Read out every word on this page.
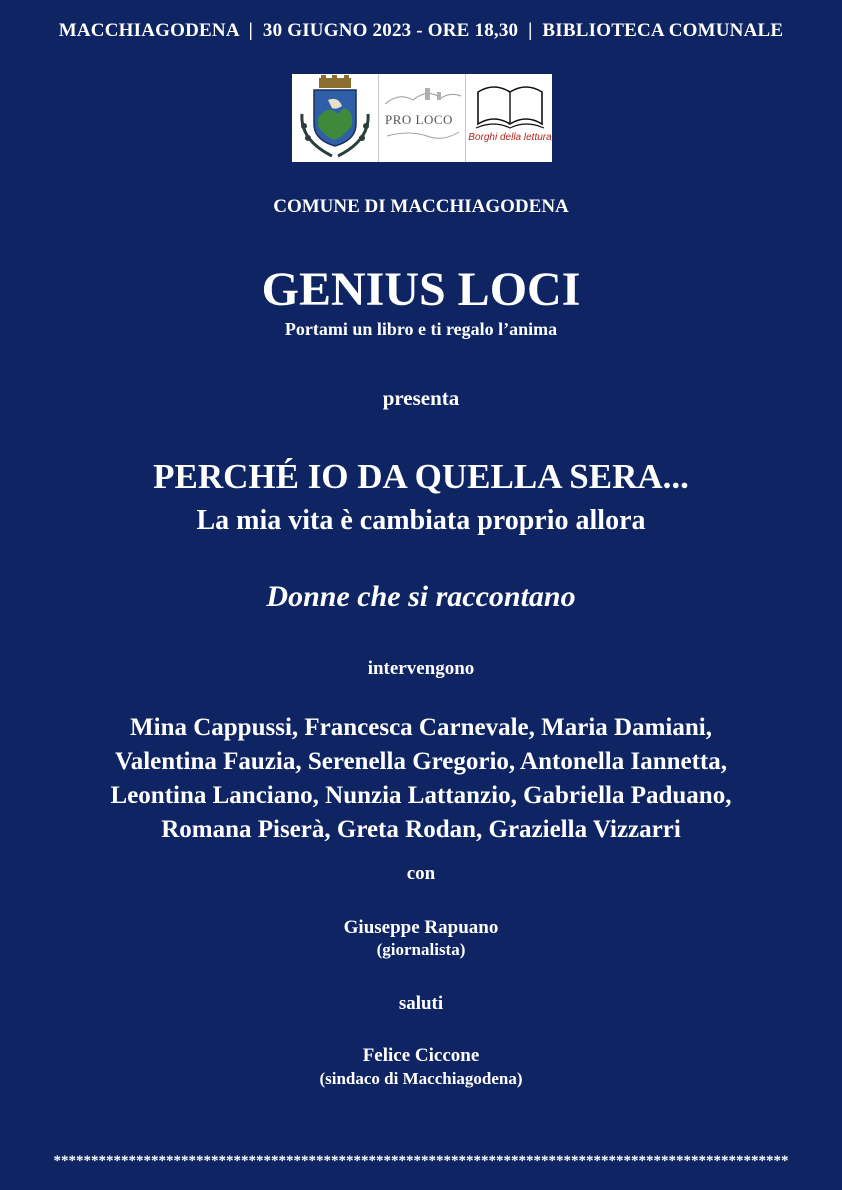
MACCHIAGODENA  |  30 GIUGNO 2023 - ORE 18,30  |  BIBLIOTECA COMUNALE
PRO LOCO
Borghi della lettura
COMUNE DI MACCHIAGODENA
GENIUS LOCI
Portami un libro e ti regalo l’anima
presenta
PERCHÉ IO DA QUELLA SERA...
La mia vita è cambiata proprio allora
Donne che si raccontano
intervengono
Mina Cappussi, Francesca Carnevale, Maria Damiani,
Valentina Fauzia, Serenella Gregorio, Antonella Iannetta,
Leontina Lanciano, Nunzia Lattanzio, Gabriella Paduano,
Romana Piserà, Greta Rodan, Graziella Vizzarri
con
Giuseppe Rapuano
(giornalista)
saluti
Felice Ciccone
(sindaco di Macchiagodena)
**************************************************************************************************
